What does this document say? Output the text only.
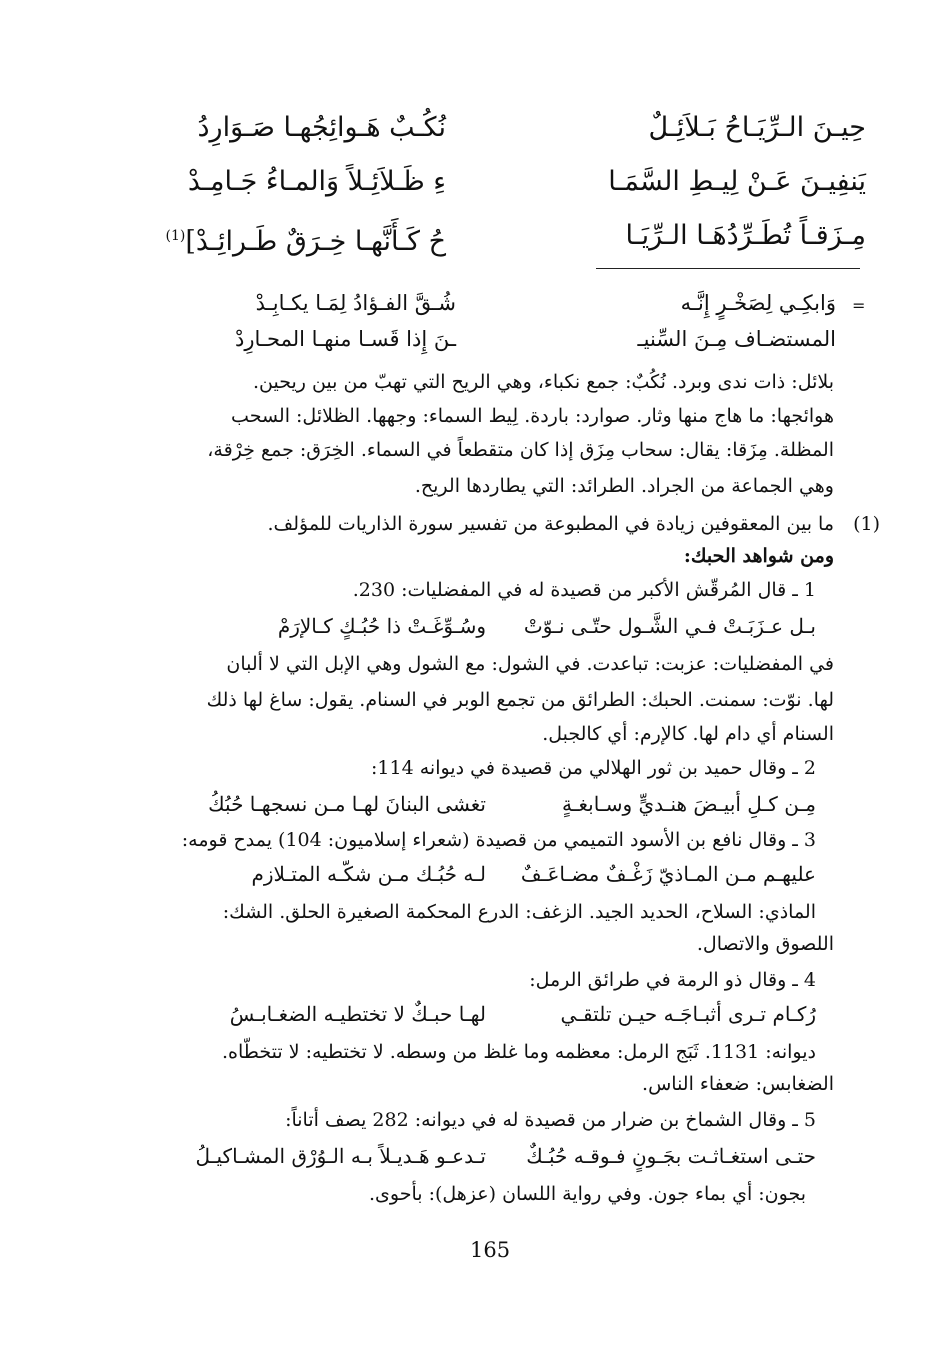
حِيـنَ الـرِّيَـاحُ بَـلاَئِـلٌ
نُكُـبٌ هَـوائِجُهـا صَـوَارِدُ
يَنفِيـنَ عَـنْ لِيـطِ السَّمَـا
ءِ ظَـلاَئِـلاً وَالمـاءُ جَـامِـدْ
مِـزَقـاً تُطَـرِّدُهَـا الـرِّيَـا
حُ كَـأَنَّهـا خِـرَقٌ طَـرائِـدْ]$^{(1)}$
=
وَابكِـي لِصَخْـرٍ إِنَّـه
شُـقَّ الفـؤادُ لِمَـا يكـابِـدْ
المستضـاف مِـنَ السِّنيـ
ـنَ إِذا قَسـا منهـا المحـارِدْ
بلائل: ذات ندى وبرد. نُكُبٌ: جمع نكباء، وهي الريح التي تهبّ من بين ريحين.
هوائجها: ما هاج منها وثار. صوارد: باردة. لِيط السماء: وجهها. الظلائل: السحب
المظلة. مِزَقا: يقال: سحاب مِزَق إذا كان متقطعاً في السماء. الخِرَق: جمع خِرْقة،
وهي الجماعة من الجراد. الطرائد: التي يطاردها الريح.
(1)
ما بين المعقوفين زيادة في المطبوعة من تفسير سورة الذاريات للمؤلف.
ومن شواهد الحبك:
1 ـ قال المُرقّش الأكبر من قصيدة له في المفضليات: 230.
بـل عـزَبَـتْ فـي الشَّـول حتّـى نـوّتْ
وسُـوِّغَـتْ ذا حُبُـكٍ كـالإرَمْ
في المفضليات: عزبت: تباعدت. في الشول: مع الشول وهي الإبل التي لا ألبان
لها. نوّت: سمنت. الحبك: الطرائق من تجمع الوبر في السنام. يقول: ساغ لها ذلك
السنام أي دام لها. كالإرم: أي كالجبل.
2 ـ وقال حميد بن ثور الهلالي من قصيدة في ديوانه 114:
مِـن كـلِ أبيـضَ هنـديٍّ وسـابغـةٍ
تغشى البنانَ لهـا مـن نسجهـا حُبُكُ
3 ـ وقال نافع بن الأسود التميمي من قصيدة (شعراء إسلاميون: 104) يمدح قومه:
عليهـم مـن المـاذيّ زَغْـفٌ مضـاعَـفٌ
لـه حُبُـك مـن شكّـه المتـلازم
الماذي: السلاح، الحديد الجيد. الزغف: الدرع المحكمة الصغيرة الحلق. الشك:
اللصوق والاتصال.
4 ـ وقال ذو الرمة في طرائق الرمل:
رُكـام تـرى أثبـاجَـه حيـن تلتقـي
لهـا حبـكٌ لا تختطيـه الضغـابـسُ
ديوانه: 1131. ثَبَج الرمل: معظمه وما غلظ من وسطه. لا تختطيه: لا تتخطّاه.
الضغابس: ضعفاء الناس.
5 ـ وقال الشماخ بن ضرار من قصيدة له في ديوانه: 282 يصف أتاناً:
حتـى استغـاثـت بجَـونٍ فـوقـه حُبُـكٌ
تـدعـو هَـديـلاً بـه الـوُرْق المشـاكيـلُ
بجون: أي بماء جون. وفي رواية اللسان (عزهل): بأحوى.
165
